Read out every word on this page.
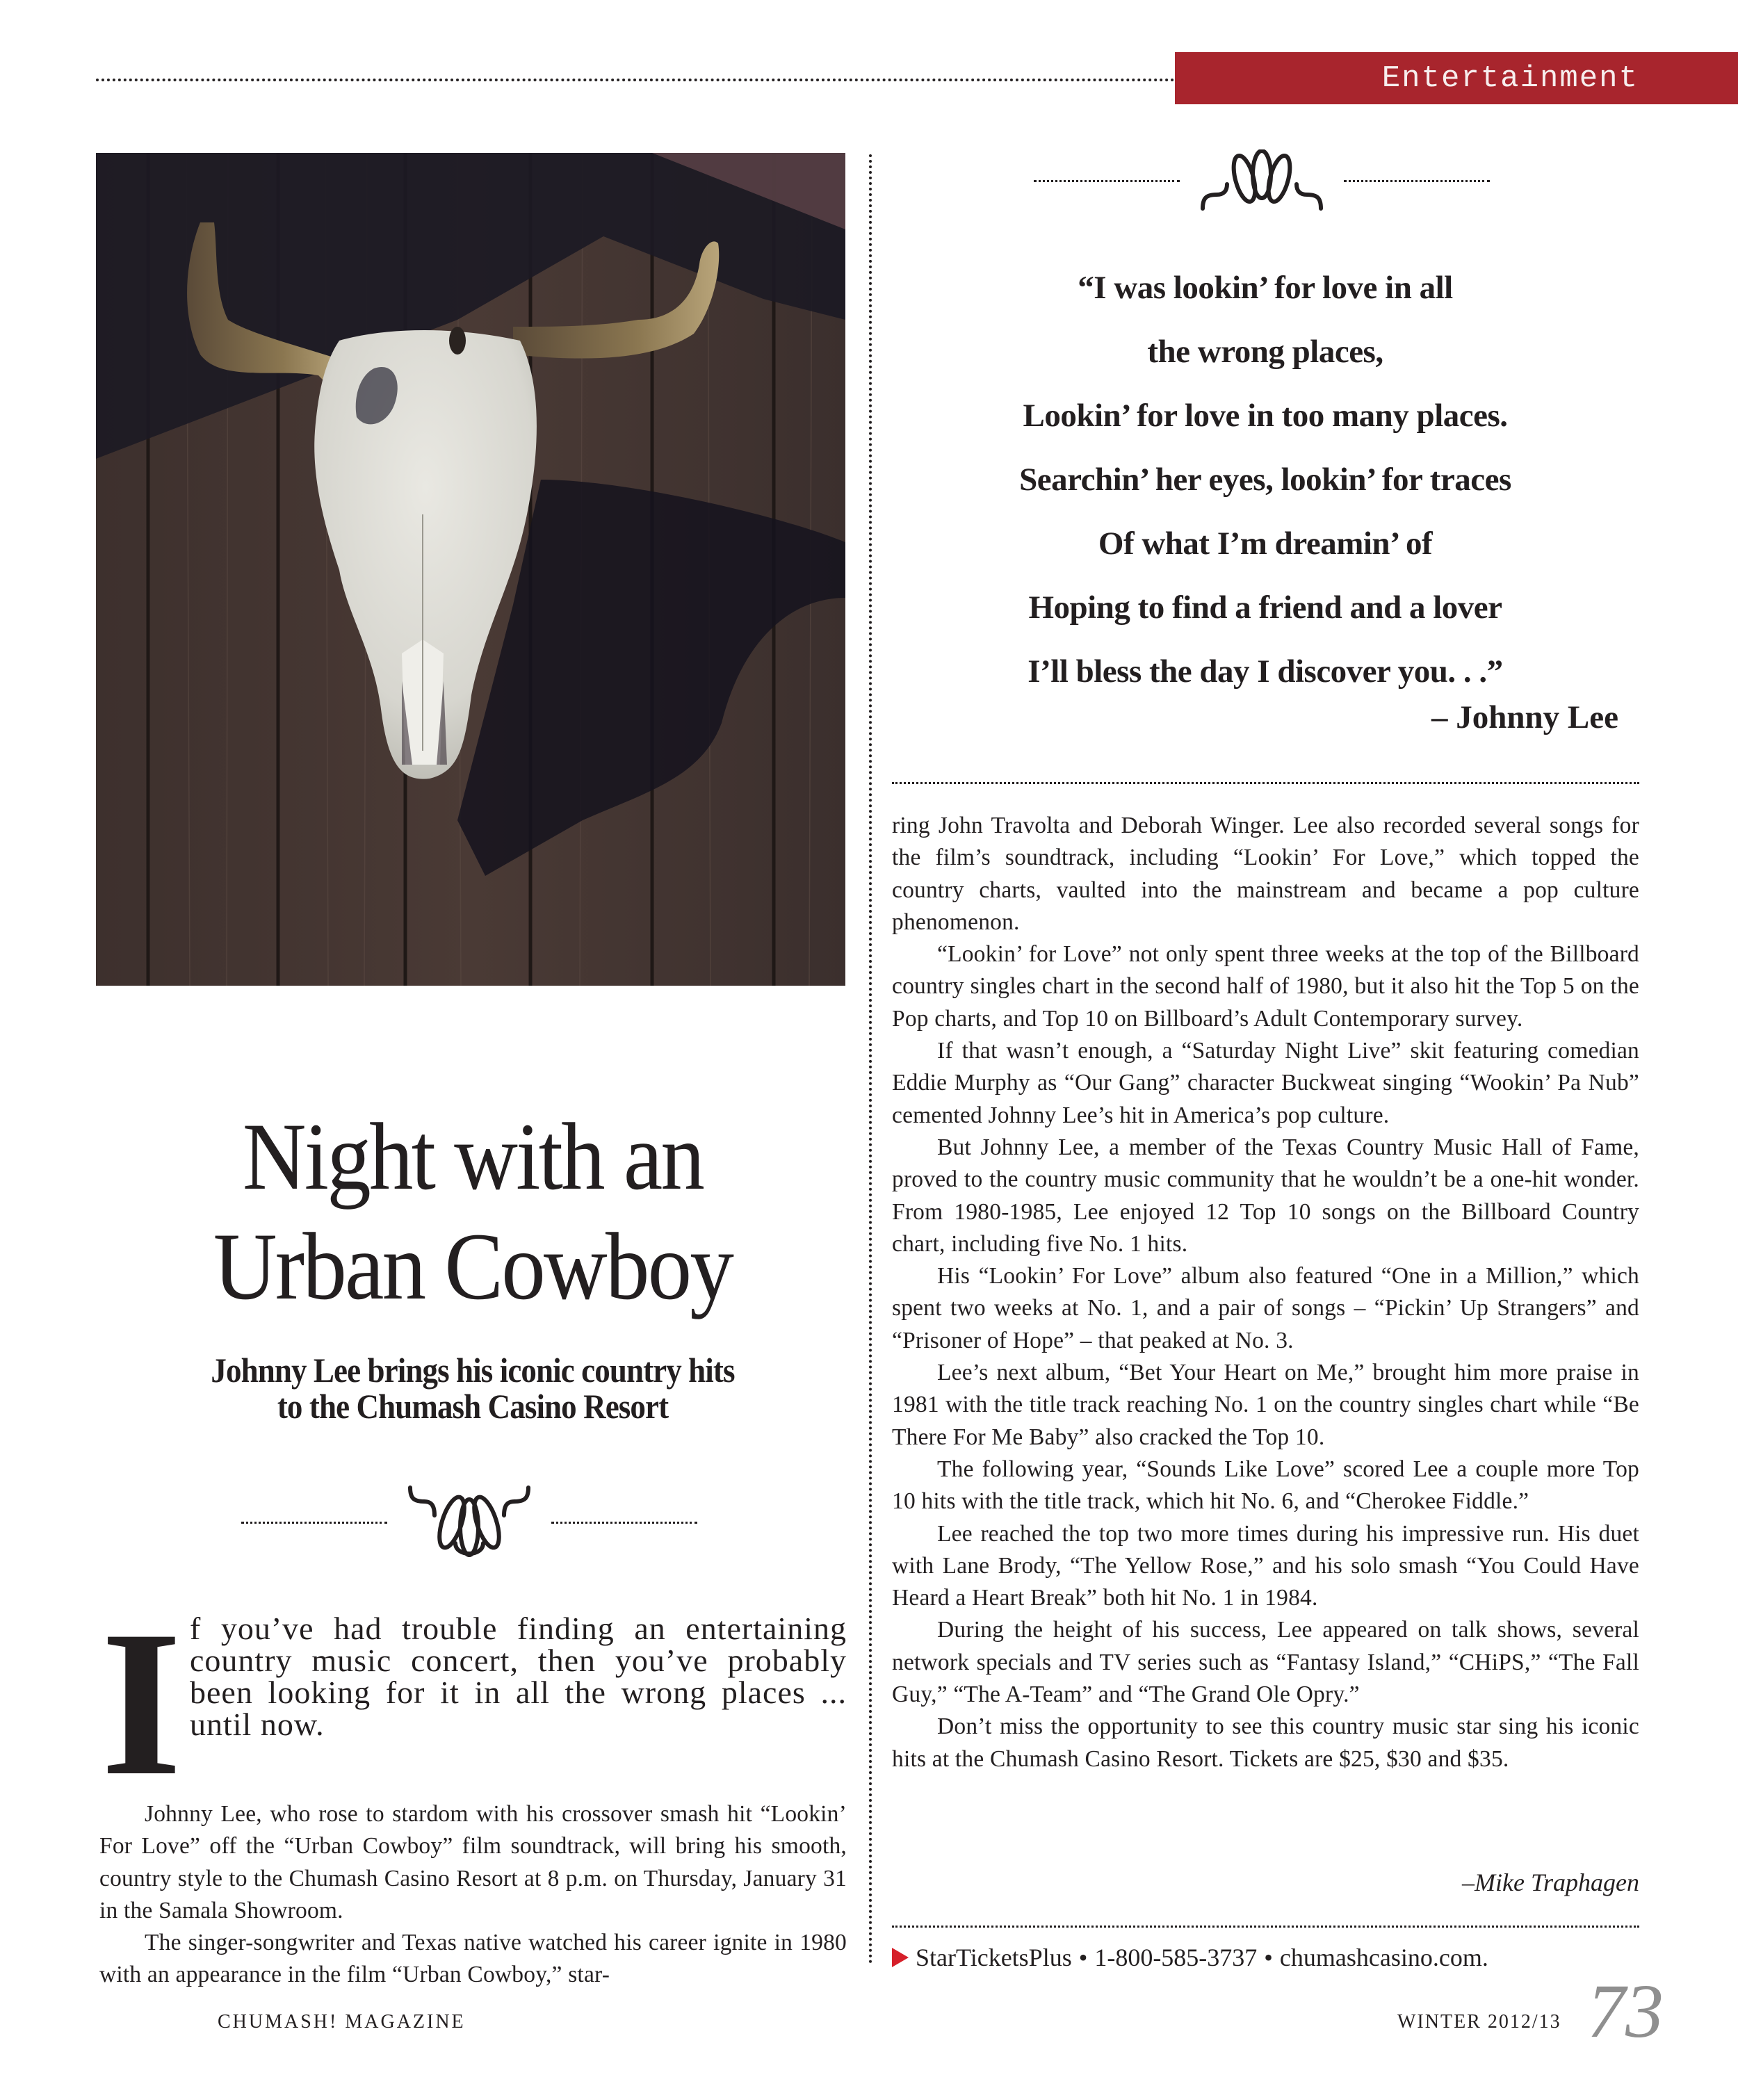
Entertainment
Night with an
Urban Cowboy
Johnny Lee brings his iconic country hits
to the Chumash Casino Resort
I f you’ve had trouble finding an entertaining country music concert, then you’ve probably been looking for it in all the wrong places ... until now.

Johnny Lee, who rose to stardom with his crossover smash hit “Lookin’ For Love” off the “Urban Cowboy” film soundtrack, will bring his smooth, country style to the Chumash Casino Resort at 8 p.m. on Thursday, January 31 in the Samala Showroom.

The singer-songwriter and Texas native watched his career ignite in 1980 with an appearance in the film “Urban Cowboy,” star-

“I was lookin’ for love in all
the wrong places,
Lookin’ for love in too many places.
Searchin’ her eyes, lookin’ for traces
Of what I’m dreamin’ of
Hoping to find a friend and a lover
I’ll bless the day I discover you. . .”
– Johnny Lee

ring John Travolta and Deborah Winger. Lee also recorded several songs for the film’s soundtrack, including “Lookin’ For Love,” which topped the country charts, vaulted into the mainstream and became a pop culture phenomenon.

“Lookin’ for Love” not only spent three weeks at the top of the Billboard country singles chart in the second half of 1980, but it also hit the Top 5 on the Pop charts, and Top 10 on Billboard’s Adult Contemporary survey.

If that wasn’t enough, a “Saturday Night Live” skit featuring comedian Eddie Murphy as “Our Gang” character Buckweat singing “Wookin’ Pa Nub” cemented Johnny Lee’s hit in America’s pop culture.

But Johnny Lee, a member of the Texas Country Music Hall of Fame, proved to the country music community that he wouldn’t be a one-hit wonder. From 1980-1985, Lee enjoyed 12 Top 10 songs on the Billboard Country chart, including five No. 1 hits.

His “Lookin’ For Love” album also featured “One in a Million,” which spent two weeks at No. 1, and a pair of songs – “Pickin’ Up Strangers” and “Prisoner of Hope” – that peaked at No. 3.

Lee’s next album, “Bet Your Heart on Me,” brought him more praise in 1981 with the title track reaching No. 1 on the country singles chart while “Be There For Me Baby” also cracked the Top 10.

The following year, “Sounds Like Love” scored Lee a couple more Top 10 hits with the title track, which hit No. 6, and “Cherokee Fiddle.”

Lee reached the top two more times during his impressive run. His duet with Lane Brody, “The Yellow Rose,” and his solo smash “You Could Have Heard a Heart Break” both hit No. 1 in 1984.

During the height of his success, Lee appeared on talk shows, several network specials and TV series such as “Fantasy Island,” “CHiPS,” “The Fall Guy,” “The A-Team” and “The Grand Ole Opry.”

Don’t miss the opportunity to see this country music star sing his iconic hits at the Chumash Casino Resort. Tickets are $25, $30 and $35.

–Mike Traphagen
StarTicketsPlus • 1-800-585-3737 • chumashcasino.com.
CHUMASH! MAGAZINE	WINTER 2012/13 73
